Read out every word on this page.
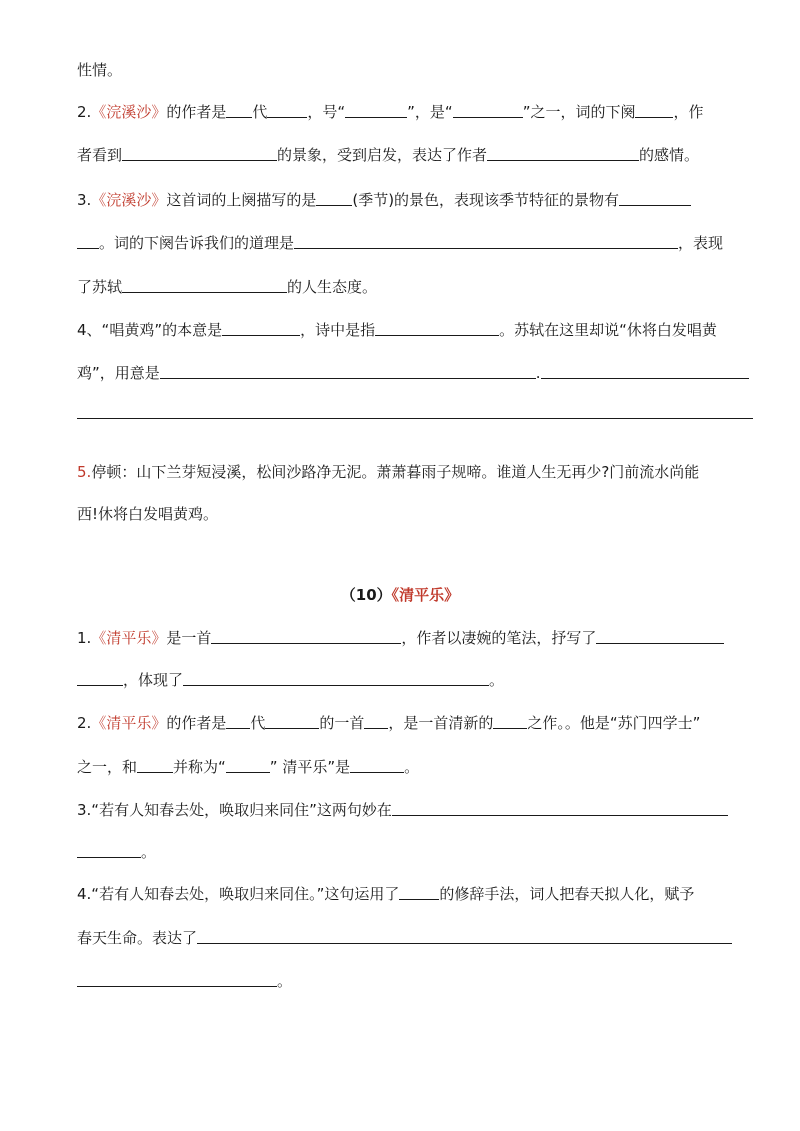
性情。
2.《浣溪沙》的作者是 代	，号“	”，是“	”之一，词的下阕	，作
者看到	的景象，受到启发，表达了作者	的感情。
3.《浣溪沙》这首词的上阕描写的是 (季节)的景色，表现该季节特征的景物有
。词的下阕告诉我们的道理是	，表现
了苏轼	的人生态度。
4、“唱黄鸡”的本意是	，诗中是指	。苏轼在这里却说“休将白发唱黄
鸡”，用意是	.
5.停顿：山下兰芽短浸溪，松间沙路净无泥。萧萧暮雨子规啼。谁道人生无再少?门前流水尚能
西!休将白发唱黄鸡。
（10）《清平乐》
1.《清平乐》是一首	，作者以凄婉的笔法，抒写了
，体现了	。
2.《清平乐》的作者是 代	的一首 ，是一首清新的 之作。。他是“苏门四学士”
之一，和 并称为“	” 清平乐”是	。
3.“若有人知春去处，唤取归来同住”这两句妙在
。
4.“若有人知春去处，唤取归来同住。”这句运用了	的修辞手法，词人把春天拟人化，赋予
春天生命。表达了
。
